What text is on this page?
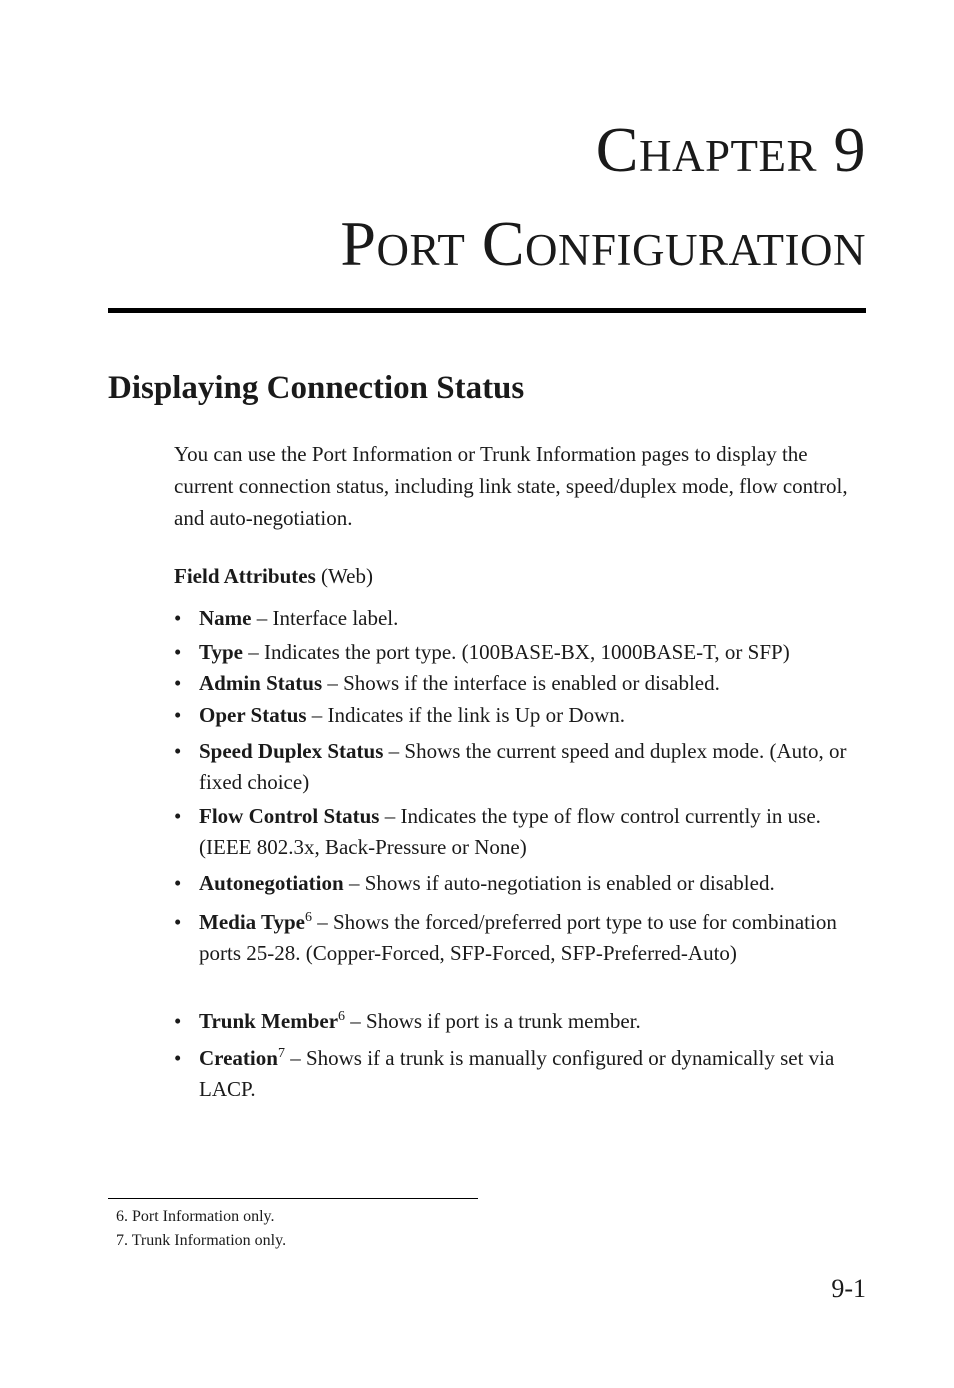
Chapter 9
Port Configuration
Displaying Connection Status

You can use the Port Information or Trunk Information pages to display the current connection status, including link state, speed/duplex mode, flow control, and auto-negotiation.

Field Attributes (Web)

• Name – Interface label.
• Type – Indicates the port type. (100BASE-BX, 1000BASE-T, or SFP)
• Admin Status – Shows if the interface is enabled or disabled.
• Oper Status – Indicates if the link is Up or Down.
• Speed Duplex Status – Shows the current speed and duplex mode. (Auto, or fixed choice)
• Flow Control Status – Indicates the type of flow control currently in use. (IEEE 802.3x, Back-Pressure or None)
• Autonegotiation – Shows if auto-negotiation is enabled or disabled.
• Media Type$^6$ – Shows the forced/preferred port type to use for combination ports 25-28. (Copper-Forced, SFP-Forced, SFP-Preferred-Auto)
• Trunk Member$^6$ – Shows if port is a trunk member.
• Creation$^7$ – Shows if a trunk is manually configured or dynamically set via LACP.
6. Port Information only.
7. Trunk Information only.

9-1
